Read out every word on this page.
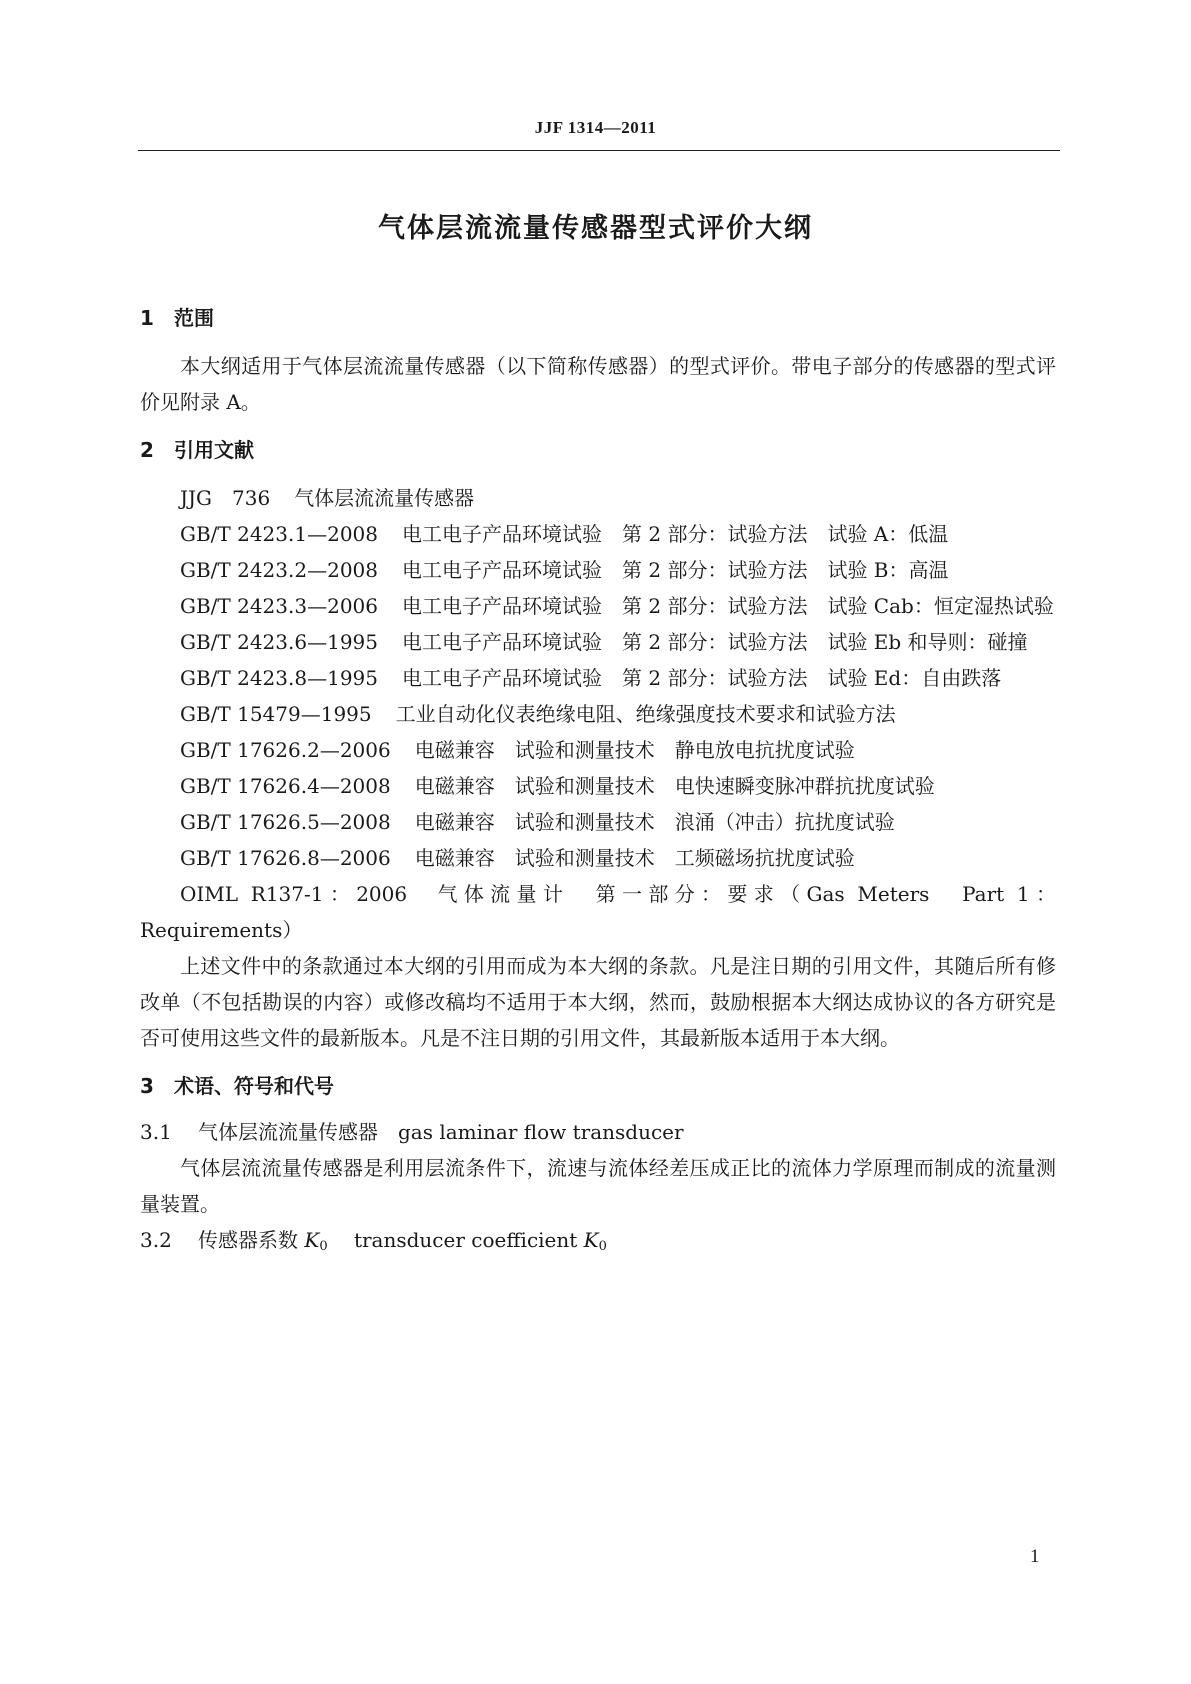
JJF 1314—2011
气体层流流量传感器型式评价大纲
1 范围

本大纲适用于气体层流流量传感器（以下简称传感器）的型式评价。带电子部分的传感器的型式评价见附录 A。

2 引用文献
JJG　736 气体层流流量传感器
GB/T 2423.1—2008 电工电子产品环境试验　第 2 部分：试验方法　试验 A：低温
GB/T 2423.2—2008 电工电子产品环境试验　第 2 部分：试验方法　试验 B：高温
GB/T 2423.3—2006 电工电子产品环境试验　第 2 部分：试验方法　试验 Cab：恒定湿热试验
GB/T 2423.6—1995 电工电子产品环境试验　第 2 部分：试验方法　试验 Eb 和导则：碰撞
GB/T 2423.8—1995 电工电子产品环境试验　第 2 部分：试验方法　试验 Ed：自由跌落
GB/T 15479—1995 工业自动化仪表绝缘电阻、绝缘强度技术要求和试验方法
GB/T 17626.2—2006 电磁兼容　试验和测量技术　静电放电抗扰度试验
GB/T 17626.4—2008 电磁兼容　试验和测量技术　电快速瞬变脉冲群抗扰度试验
GB/T 17626.5—2008 电磁兼容　试验和测量技术　浪涌（冲击）抗扰度试验
GB/T 17626.8—2006 电磁兼容　试验和测量技术　工频磁场抗扰度试验
OIML R137-1：2006 气体流量计　第一部分：要求（Gas Meters　Part 1：Requirements）

上述文件中的条款通过本大纲的引用而成为本大纲的条款。凡是注日期的引用文件，其随后所有修改单（不包括勘误的内容）或修改稿均不适用于本大纲，然而，鼓励根据本大纲达成协议的各方研究是否可使用这些文件的最新版本。凡是不注日期的引用文件，其最新版本适用于本大纲。

3 术语、符号和代号

3.1 气体层流流量传感器　 gas laminar flow transducer

气体层流流量传感器是利用层流条件下，流速与流体经差压成正比的流体力学原理而制成的流量测量装置。

3.2 传感器系数 $K_0$　 transducer coefficient $K_0$

1
